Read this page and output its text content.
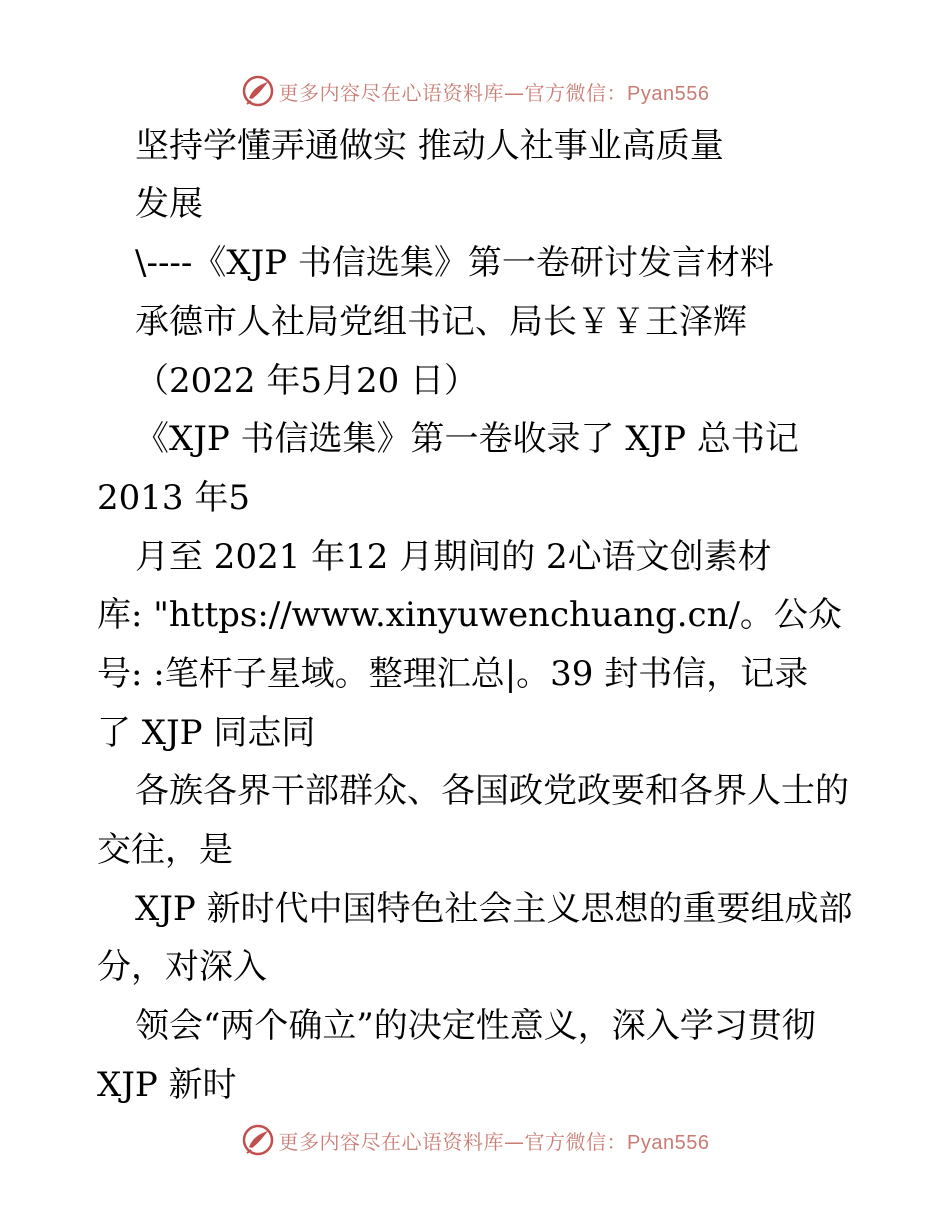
更多内容尽在心语资料库—官方微信：Pyan556
坚持学懂弄通做实 推动人社事业高质量
发展
\----《XJP 书信选集》第一卷研讨发言材料
承德市人社局党组书记、局长￥￥王泽辉
（2022 年5月20 日）
《XJP 书信选集》第一卷收录了 XJP 总书记
2013 年5
月至 2021 年12 月期间的 2心语文创素材
库: "https://www.xinyuwenchuang.cn/。公众
号: :笔杆子星域。整理汇总|。39 封书信，记录
了 XJP 同志同
各族各界干部群众、各国政党政要和各界人士的
交往，是
XJP 新时代中国特色社会主义思想的重要组成部
分，对深入
领会“两个确立”的决定性意义，深入学习贯彻
XJP 新时
更多内容尽在心语资料库—官方微信：Pyan556
